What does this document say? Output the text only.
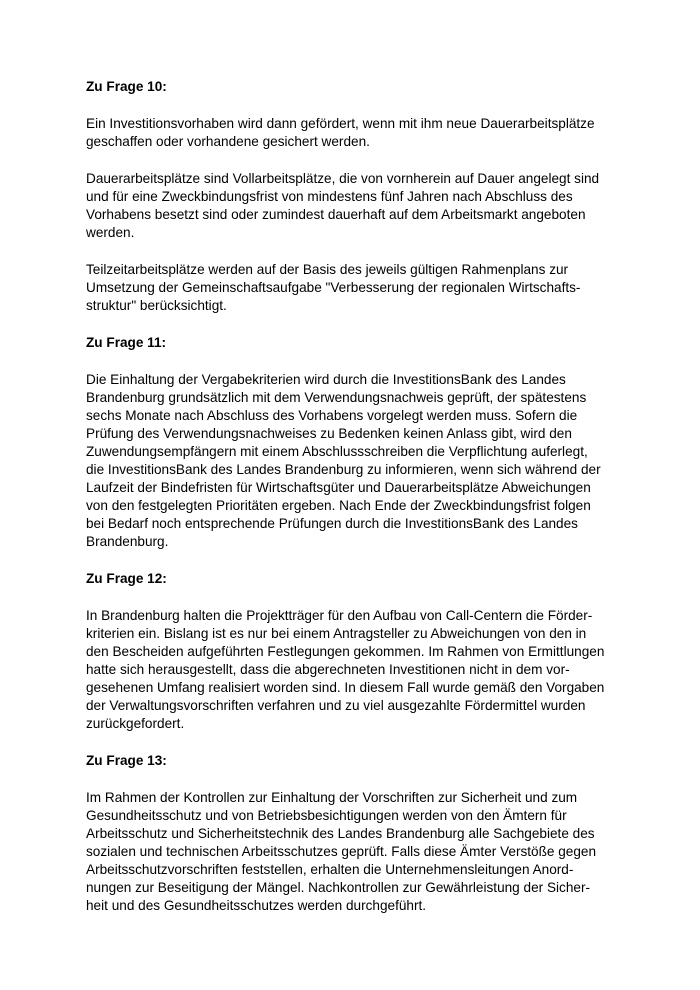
Zu Frage 10:

Ein Investitionsvorhaben wird dann gefördert, wenn mit ihm neue Dauerarbeitsplätze
geschaffen oder vorhandene gesichert werden.

Dauerarbeitsplätze sind Vollarbeitsplätze, die von vornherein auf Dauer angelegt sind
und für eine Zweckbindungsfrist von mindestens fünf Jahren nach Abschluss des
Vorhabens besetzt sind oder zumindest dauerhaft auf dem Arbeitsmarkt angeboten
werden.

Teilzeitarbeitsplätze werden auf der Basis des jeweils gültigen Rahmenplans zur
Umsetzung der Gemeinschaftsaufgabe "Verbesserung der regionalen Wirtschafts-
struktur" berücksichtigt.

Zu Frage 11:

Die Einhaltung der Vergabekriterien wird durch die InvestitionsBank des Landes
Brandenburg grundsätzlich mit dem Verwendungsnachweis geprüft, der spätestens
sechs Monate nach Abschluss des Vorhabens vorgelegt werden muss. Sofern die
Prüfung des Verwendungsnachweises zu Bedenken keinen Anlass gibt, wird den
Zuwendungsempfängern mit einem Abschlussschreiben die Verpflichtung auferlegt,
die InvestitionsBank des Landes Brandenburg zu informieren, wenn sich während der
Laufzeit der Bindefristen für Wirtschaftsgüter und Dauerarbeitsplätze Abweichungen
von den festgelegten Prioritäten ergeben. Nach Ende der Zweckbindungsfrist folgen
bei Bedarf noch entsprechende Prüfungen durch die InvestitionsBank des Landes
Brandenburg.

Zu Frage 12:

In Brandenburg halten die Projektträger für den Aufbau von Call-Centern die Förder-
kriterien ein. Bislang ist es nur bei einem Antragsteller zu Abweichungen von den in
den Bescheiden aufgeführten Festlegungen gekommen. Im Rahmen von Ermittlungen
hatte sich herausgestellt, dass die abgerechneten Investitionen nicht in dem vor-
gesehenen Umfang realisiert worden sind. In diesem Fall wurde gemäß den Vorgaben
der Verwaltungsvorschriften verfahren und zu viel ausgezahlte Fördermittel wurden
zurückgefordert.

Zu Frage 13:

Im Rahmen der Kontrollen zur Einhaltung der Vorschriften zur Sicherheit und zum
Gesundheitsschutz und von Betriebsbesichtigungen werden von den Ämtern für
Arbeitsschutz und Sicherheitstechnik des Landes Brandenburg alle Sachgebiete des
sozialen und technischen Arbeitsschutzes geprüft. Falls diese Ämter Verstöße gegen
Arbeitsschutzvorschriften feststellen, erhalten die Unternehmensleitungen Anord-
nungen zur Beseitigung der Mängel. Nachkontrollen zur Gewährleistung der Sicher-
heit und des Gesundheitsschutzes werden durchgeführt.
